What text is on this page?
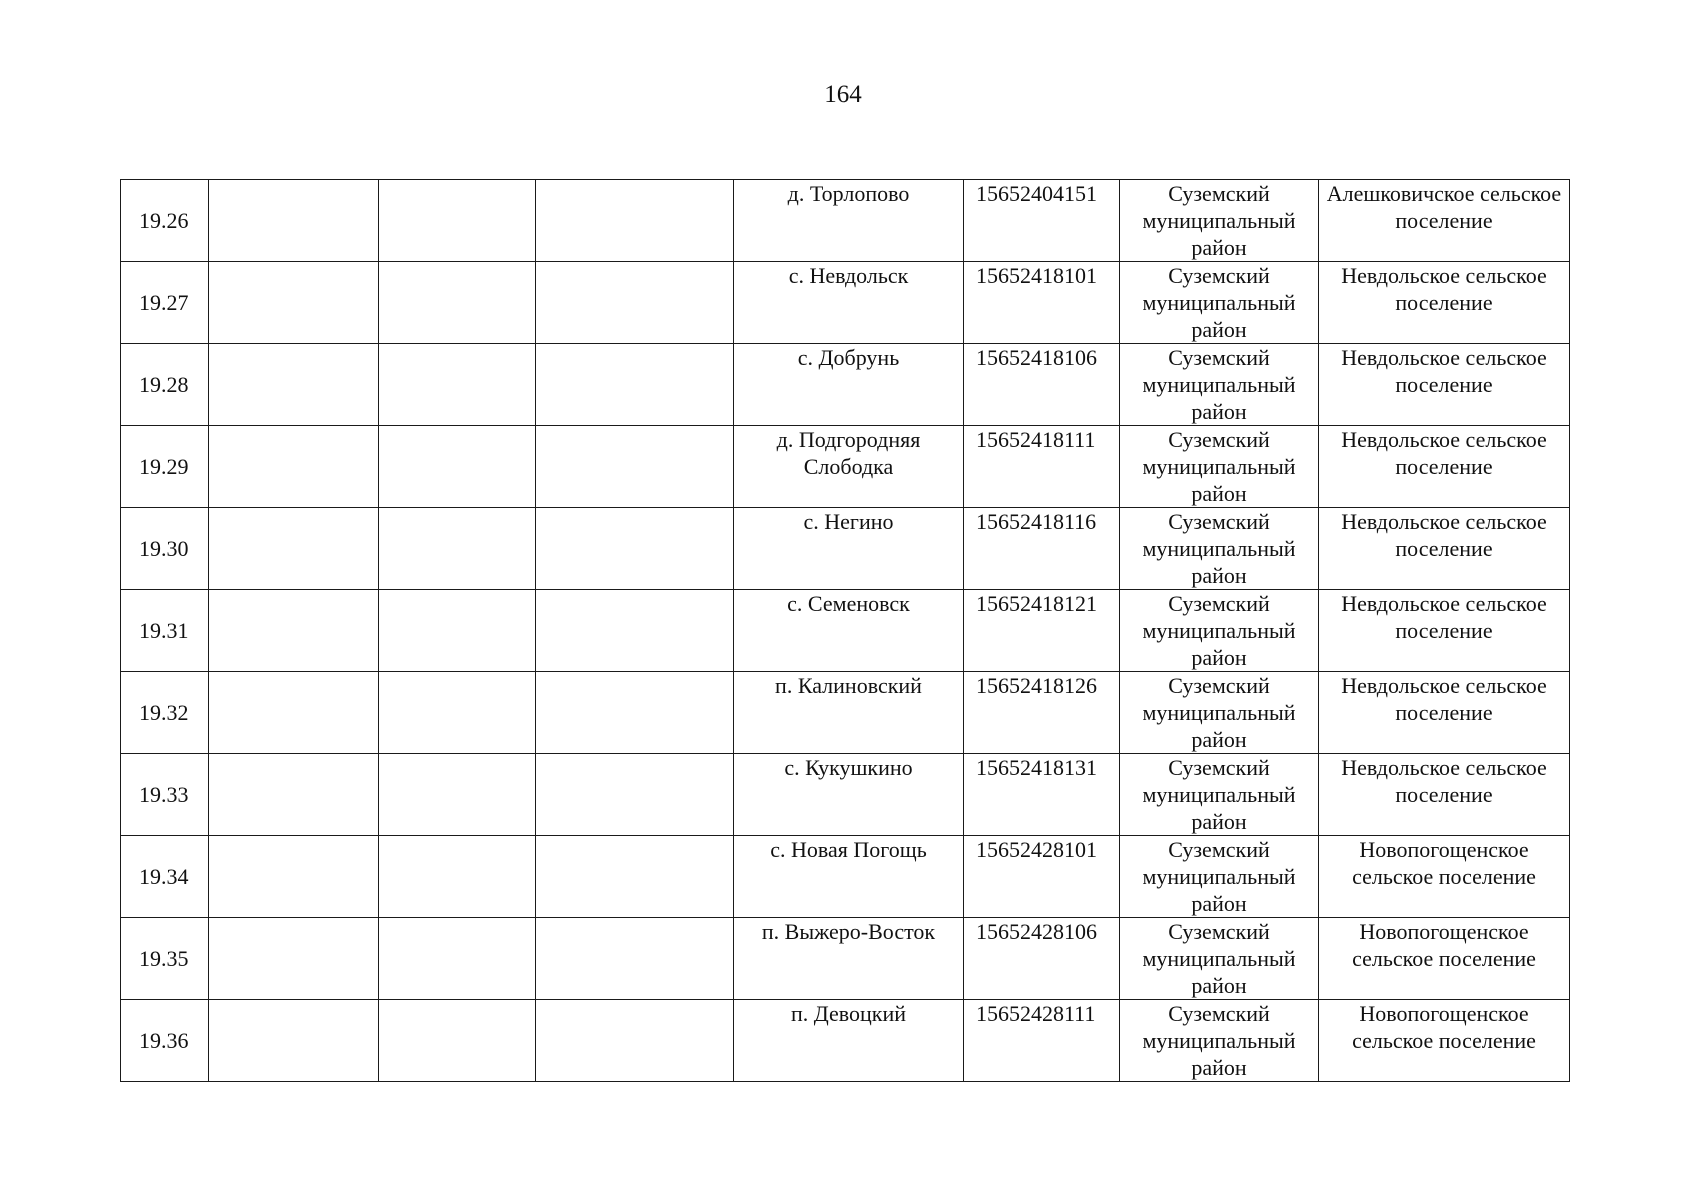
164
19.26				д. Торлопово	15652404151	Суземский муниципальный район	Алешковичское сельское поселение
19.27				с. Невдольск	15652418101	Суземский муниципальный район	Невдольское сельское поселение
19.28				с. Добрунь	15652418106	Суземский муниципальный район	Невдольское сельское поселение
19.29				д. Подгородняя Слободка	15652418111	Суземский муниципальный район	Невдольское сельское поселение
19.30				с. Негино	15652418116	Суземский муниципальный район	Невдольское сельское поселение
19.31				с. Семеновск	15652418121	Суземский муниципальный район	Невдольское сельское поселение
19.32				п. Калиновский	15652418126	Суземский муниципальный район	Невдольское сельское поселение
19.33				с. Кукушкино	15652418131	Суземский муниципальный район	Невдольское сельское поселение
19.34				с. Новая Погощь	15652428101	Суземский муниципальный район	Новопогощенское сельское поселение
19.35				п. Выжеро-Восток	15652428106	Суземский муниципальный район	Новопогощенское сельское поселение
19.36				п. Девоцкий	15652428111	Суземский муниципальный район	Новопогощенское сельское поселение
